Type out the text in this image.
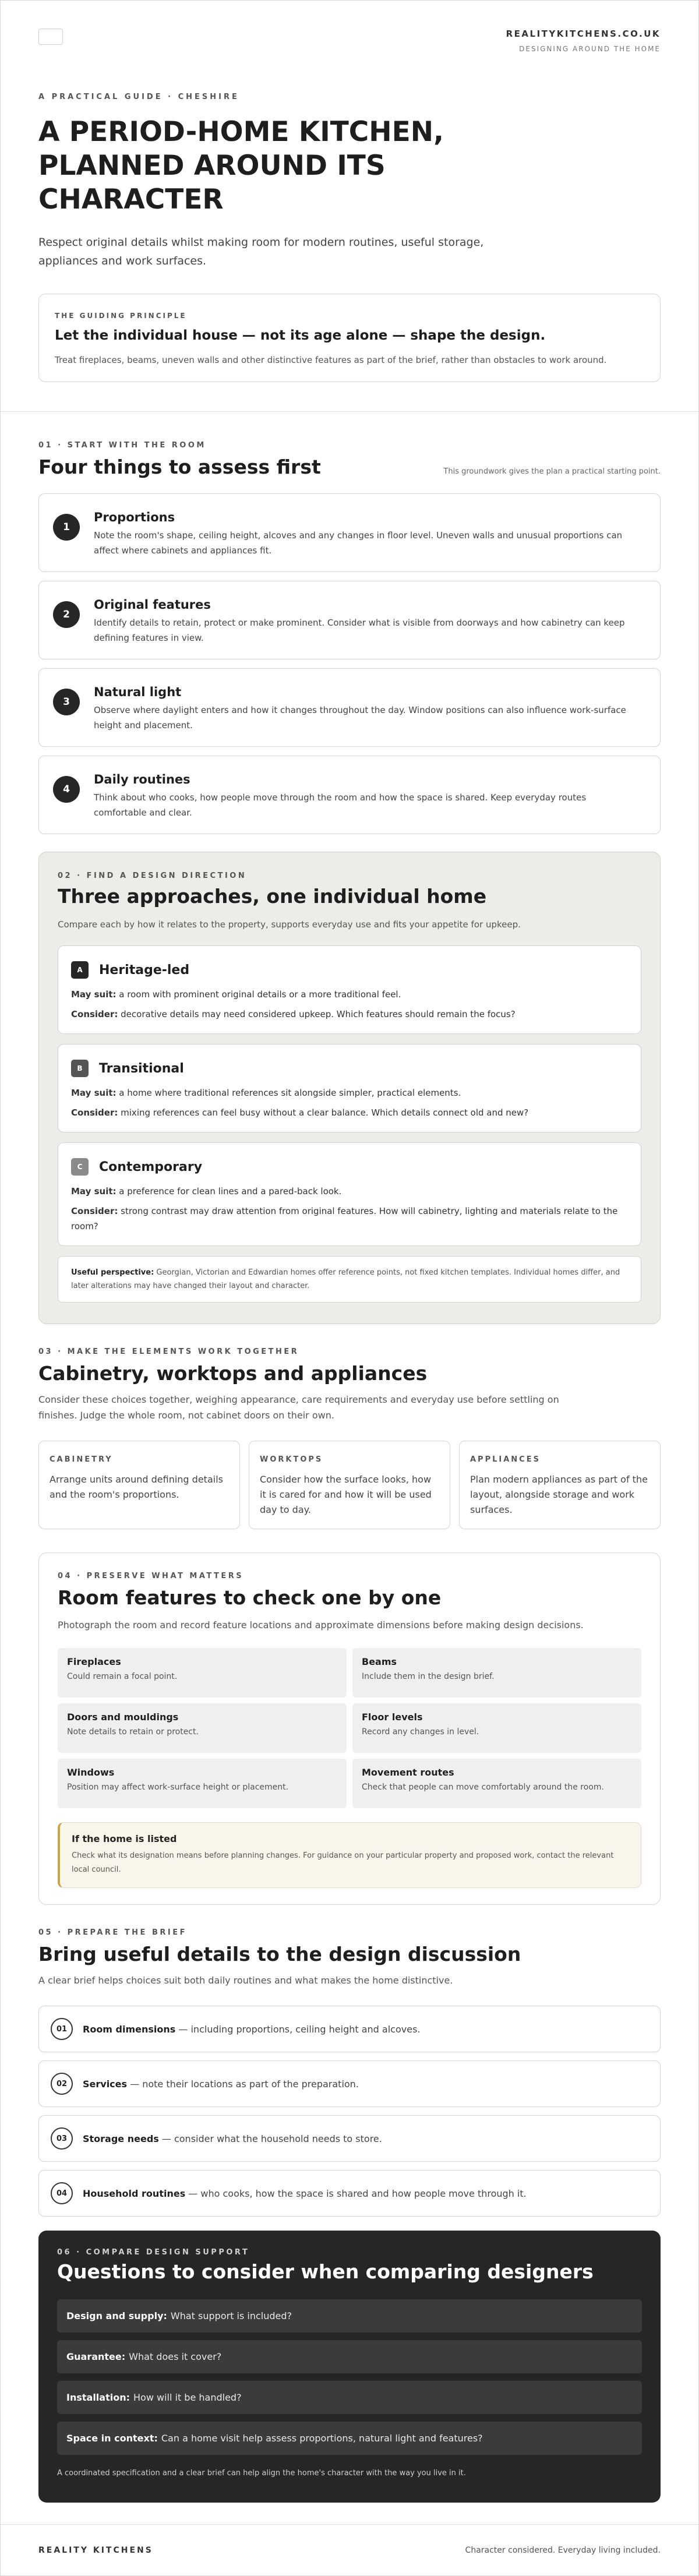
REALITYKITCHENS.CO.UK
DESIGNING AROUND THE HOME
A PRACTICAL GUIDE · CHESHIRE
A PERIOD-HOME KITCHEN, PLANNED AROUND ITS CHARACTER

Respect original details whilst making room for modern routines, useful storage, appliances and work surfaces.

THE GUIDING PRINCIPLE
Let the individual house — not its age alone — shape the design.

Treat fireplaces, beams, uneven walls and other distinctive features as part of the brief, rather than obstacles to work around.

01 · START WITH THE ROOM
Four things to assess first	This groundwork gives the plan a practical starting point.
1
Proportions

Note the room's shape, ceiling height, alcoves and any changes in floor level. Uneven walls and unusual proportions can affect where cabinets and appliances fit.

2
Original features

Identify details to retain, protect or make prominent. Consider what is visible from doorways and how cabinetry can keep defining features in view.

3
Natural light

Observe where daylight enters and how it changes throughout the day. Window positions can also influence work-surface height and placement.

4
Daily routines

Think about who cooks, how people move through the room and how the space is shared. Keep everyday routes comfortable and clear.

02 · FIND A DESIGN DIRECTION
Three approaches, one individual home

Compare each by how it relates to the property, supports everyday use and fits your appetite for upkeep.

A	Heritage-led

May suit: a room with prominent original details or a more traditional feel.

Consider: decorative details may need considered upkeep. Which features should remain the focus?

B	Transitional

May suit: a home where traditional references sit alongside simpler, practical elements.

Consider: mixing references can feel busy without a clear balance. Which details connect old and new?

C	Contemporary

May suit: a preference for clean lines and a pared-back look.

Consider: strong contrast may draw attention from original features. How will cabinetry, lighting and materials relate to the room?

Useful perspective: Georgian, Victorian and Edwardian homes offer reference points, not fixed kitchen templates. Individual homes differ, and later alterations may have changed their layout and character.
03 · MAKE THE ELEMENTS WORK TOGETHER
Cabinetry, worktops and appliances

Consider these choices together, weighing appearance, care requirements and everyday use before settling on finishes. Judge the whole room, not cabinet doors on their own.

CABINETRY

Arrange units around defining details and the room's proportions.

WORKTOPS

Consider how the surface looks, how it is cared for and how it will be used day to day.

APPLIANCES

Plan modern appliances as part of the layout, alongside storage and work surfaces.

04 · PRESERVE WHAT MATTERS
Room features to check one by one

Photograph the room and record feature locations and approximate dimensions before making design decisions.

Fireplaces

Could remain a focal point.

Beams

Include them in the design brief.

Doors and mouldings

Note details to retain or protect.

Floor levels

Record any changes in level.

Windows

Position may affect work-surface height or placement.

Movement routes

Check that people can move comfortably around the room.

If the home is listed

Check what its designation means before planning changes. For guidance on your particular property and proposed work, contact the relevant local council.

05 · PREPARE THE BRIEF
Bring useful details to the design discussion

A clear brief helps choices suit both daily routines and what makes the home distinctive.

01	Room dimensions — including proportions, ceiling height and alcoves.
02	Services — note their locations as part of the preparation.
03	Storage needs — consider what the household needs to store.
04	Household routines — who cooks, how the space is shared and how people move through it.
06 · COMPARE DESIGN SUPPORT
Questions to consider when comparing designers
Design and supply: What support is included?
Guarantee: What does it cover?
Installation: How will it be handled?
Space in context: Can a home visit help assess proportions, natural light and features?

A coordinated specification and a clear brief can help align the home's character with the way you live in it.

REALITY KITCHENS	Character considered. Everyday living included.
